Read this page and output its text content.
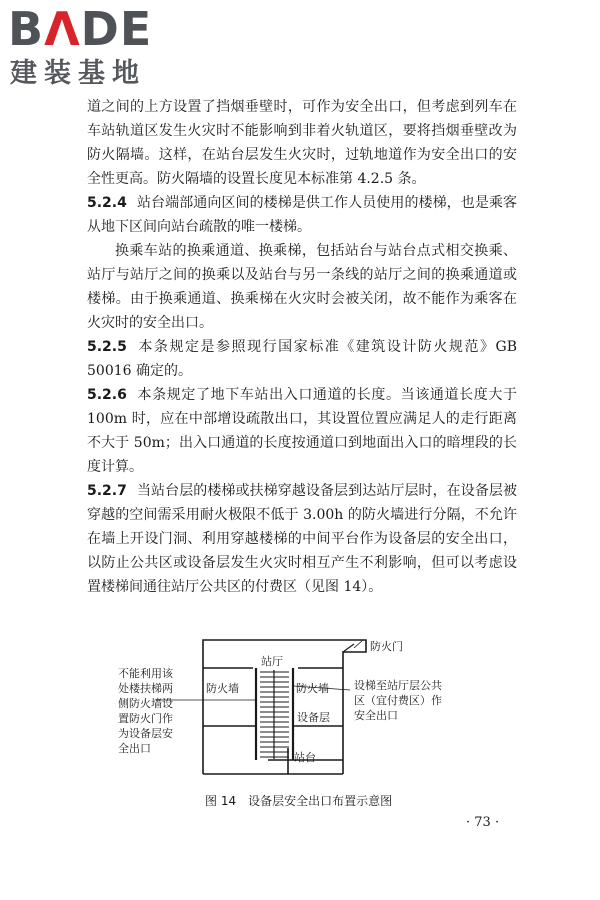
BΛDE
建装基地

道之间的上方设置了挡烟垂壁时，可作为安全出口，但考虑到列车在车站轨道区发生火灾时不能影响到非着火轨道区，要将挡烟垂壁改为防火隔墙。这样，在站台层发生火灾时，过轨地道作为安全出口的安全性更高。防火隔墙的设置长度见本标准第 4.2.5 条。

5.2.4 站台端部通向区间的楼梯是供工作人员使用的楼梯，也是乘客从地下区间向站台疏散的唯一楼梯。

换乘车站的换乘通道、换乘梯，包括站台与站台点式相交换乘、站厅与站厅之间的换乘以及站台与另一条线的站厅之间的换乘通道或楼梯。由于换乘通道、换乘梯在火灾时会被关闭，故不能作为乘客在火灾时的安全出口。

5.2.5 本条规定是参照现行国家标准《建筑设计防火规范》GB 50016 确定的。

5.2.6 本条规定了地下车站出入口通道的长度。当该通道长度大于 100m 时，应在中部增设疏散出口，其设置位置应满足人的走行距离不大于 50m；出入口通道的长度按通道口到地面出入口的暗埋段的长度计算。

5.2.7 当站台层的楼梯或扶梯穿越设备层到达站厅层时，在设备层被穿越的空间需采用耐火极限不低于 3.00h 的防火墙进行分隔，不允许在墙上开设门洞、利用穿越楼梯的中间平台作为设备层的安全出口，以防止公共区或设备层发生火灾时相互产生不利影响，但可以考虑设置楼梯间通往站厅公共区的付费区（见图 14）。

站厅
防火门
防火墙	防火墙
设备层
站台
不能利用该处楼扶梯两侧防火墙设置防火门作为设备层安全出口
设梯至站厅层公共区（宜付费区）作安全出口
图 14　设备层安全出口布置示意图
· 73 ·
